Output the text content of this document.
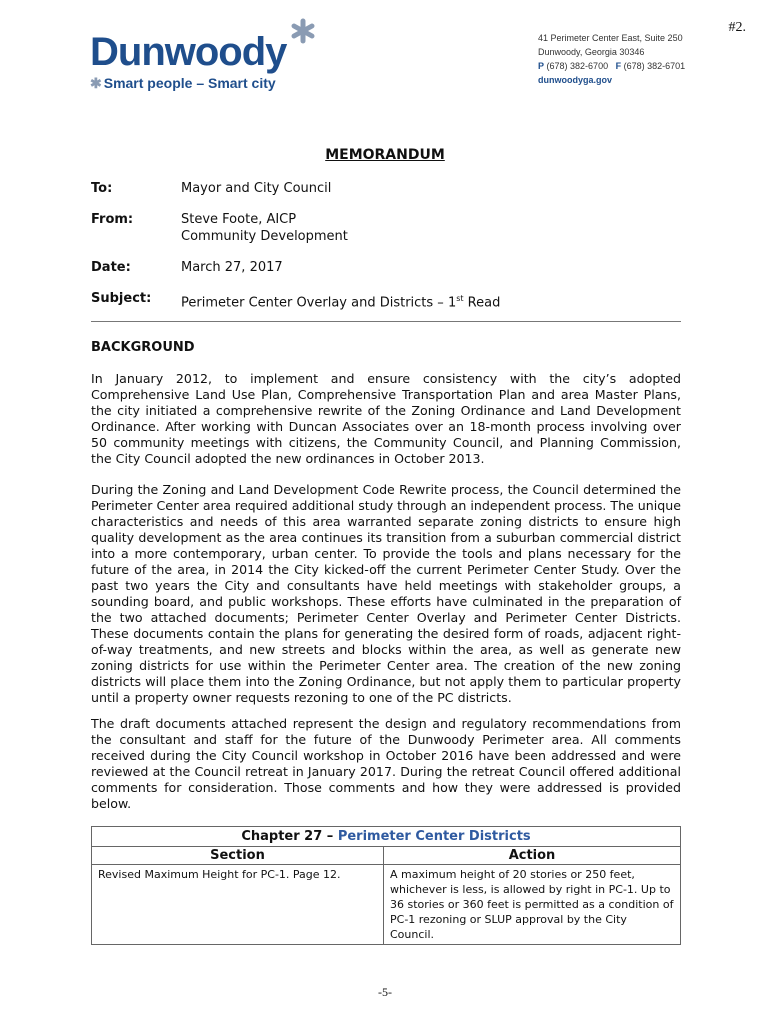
#2.
Dunwoody
✱ Smart people – Smart city
41 Perimeter Center East, Suite 250
Dunwoody, Georgia 30346
P (678) 382-6700 F (678) 382-6701
dunwoodyga.gov
MEMORANDUM
To:	Mayor and City Council
From:	Steve Foote, AICP
Community Development
Date:	March 27, 2017
Subject:	Perimeter Center Overlay and Districts – 1st Read
BACKGROUND
In January 2012, to implement and ensure consistency with the city’s adopted Comprehensive Land Use Plan, Comprehensive Transportation Plan and area Master Plans, the city initiated a comprehensive rewrite of the Zoning Ordinance and Land Development Ordinance. After working with Duncan Associates over an 18-month process involving over 50 community meetings with citizens, the Community Council, and Planning Commission, the City Council adopted the new ordinances in October 2013.
During the Zoning and Land Development Code Rewrite process, the Council determined the Perimeter Center area required additional study through an independent process. The unique characteristics and needs of this area warranted separate zoning districts to ensure high quality development as the area continues its transition from a suburban commercial district into a more contemporary, urban center. To provide the tools and plans necessary for the future of the area, in 2014 the City kicked-off the current Perimeter Center Study. Over the past two years the City and consultants have held meetings with stakeholder groups, a sounding board, and public workshops. These efforts have culminated in the preparation of the two attached documents; Perimeter Center Overlay and Perimeter Center Districts. These documents contain the plans for generating the desired form of roads, adjacent right-of-way treatments, and new streets and blocks within the area, as well as generate new zoning districts for use within the Perimeter Center area. The creation of the new zoning districts will place them into the Zoning Ordinance, but not apply them to particular property until a property owner requests rezoning to one of the PC districts.
The draft documents attached represent the design and regulatory recommendations from the consultant and staff for the future of the Dunwoody Perimeter area. All comments received during the City Council workshop in October 2016 have been addressed and were reviewed at the Council retreat in January 2017. During the retreat Council offered additional comments for consideration. Those comments and how they were addressed is provided below.
Chapter 27 – Perimeter Center Districts	
Section	Action
Revised Maximum Height for PC-1. Page 12.	A maximum height of 20 stories or 250 feet, whichever is less, is allowed by right in PC-1. Up to 36 stories or 360 feet is permitted as a condition of PC-1 rezoning or SLUP approval by the City Council.
-5-
